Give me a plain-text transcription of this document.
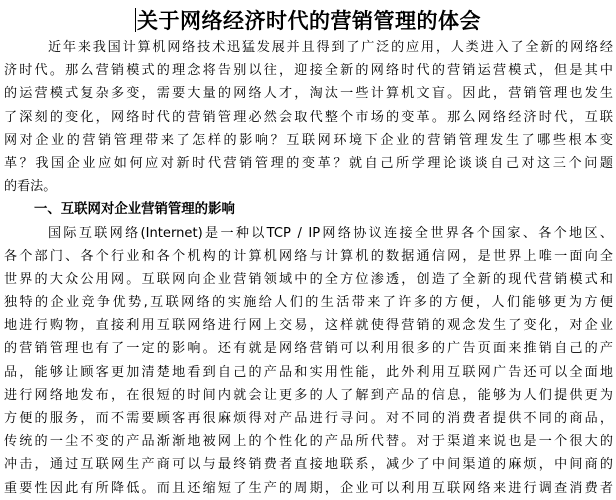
关于网络经济时代的营销管理的体会
近年来我国计算机网络技术迅猛发展并且得到了广泛的应用，人类进入了全新的网络经
济时代。那么营销模式的理念将告别以往，迎接全新的网络时代的营销运营模式，但是其中
的运营模式复杂多变，需要大量的网络人才，淘汰一些计算机文盲。因此，营销管理也发生
了深刻的变化，网络时代的营销管理必然会取代整个市场的变革。那么网络经济时代，互联
网对企业的营销管理带来了怎样的影响？互联网环境下企业的营销管理发生了哪些根本变
革？我国企业应如何应对新时代营销管理的变革？就自己所学理论谈谈自己对这三个问题
的看法。
一、互联网对企业营销管理的影响
国际互联网络(Internet)是一种以TCP / IP网络协议连接全世界各个国家、各个地区、
各个部门、各个行业和各个机构的计算机网络与计算机的数据通信网，是世界上唯一面向全
世界的大众公用网。互联网向企业营销领域中的全方位渗透，创造了全新的现代营销模式和
独特的企业竞争优势,互联网络的实施给人们的生活带来了许多的方便，人们能够更为方便
地进行购物，直接利用互联网络进行网上交易，这样就使得营销的观念发生了变化，对企业
的营销管理也有了一定的影响。还有就是网络营销可以利用很多的广告页面来推销自己的产
品，能够让顾客更加清楚地看到自己的产品和实用性能，此外利用互联网广告还可以全面地
进行网络地发布，在很短的时间内就会让更多的人了解到产品的信息，能够为人们提供更为
方便的服务，而不需要顾客再很麻烦得对产品进行寻问。对不同的消费者提供不同的商品，
传统的一尘不变的产品渐渐地被网上的个性化的产品所代替。对于渠道来说也是一个很大的
冲击，通过互联网生产商可以与最终销费者直接地联系，减少了中间渠道的麻烦，中间商的
重要性因此有所降低。而且还缩短了生产的周期，企业可以利用互联网络来进行调查消费者
